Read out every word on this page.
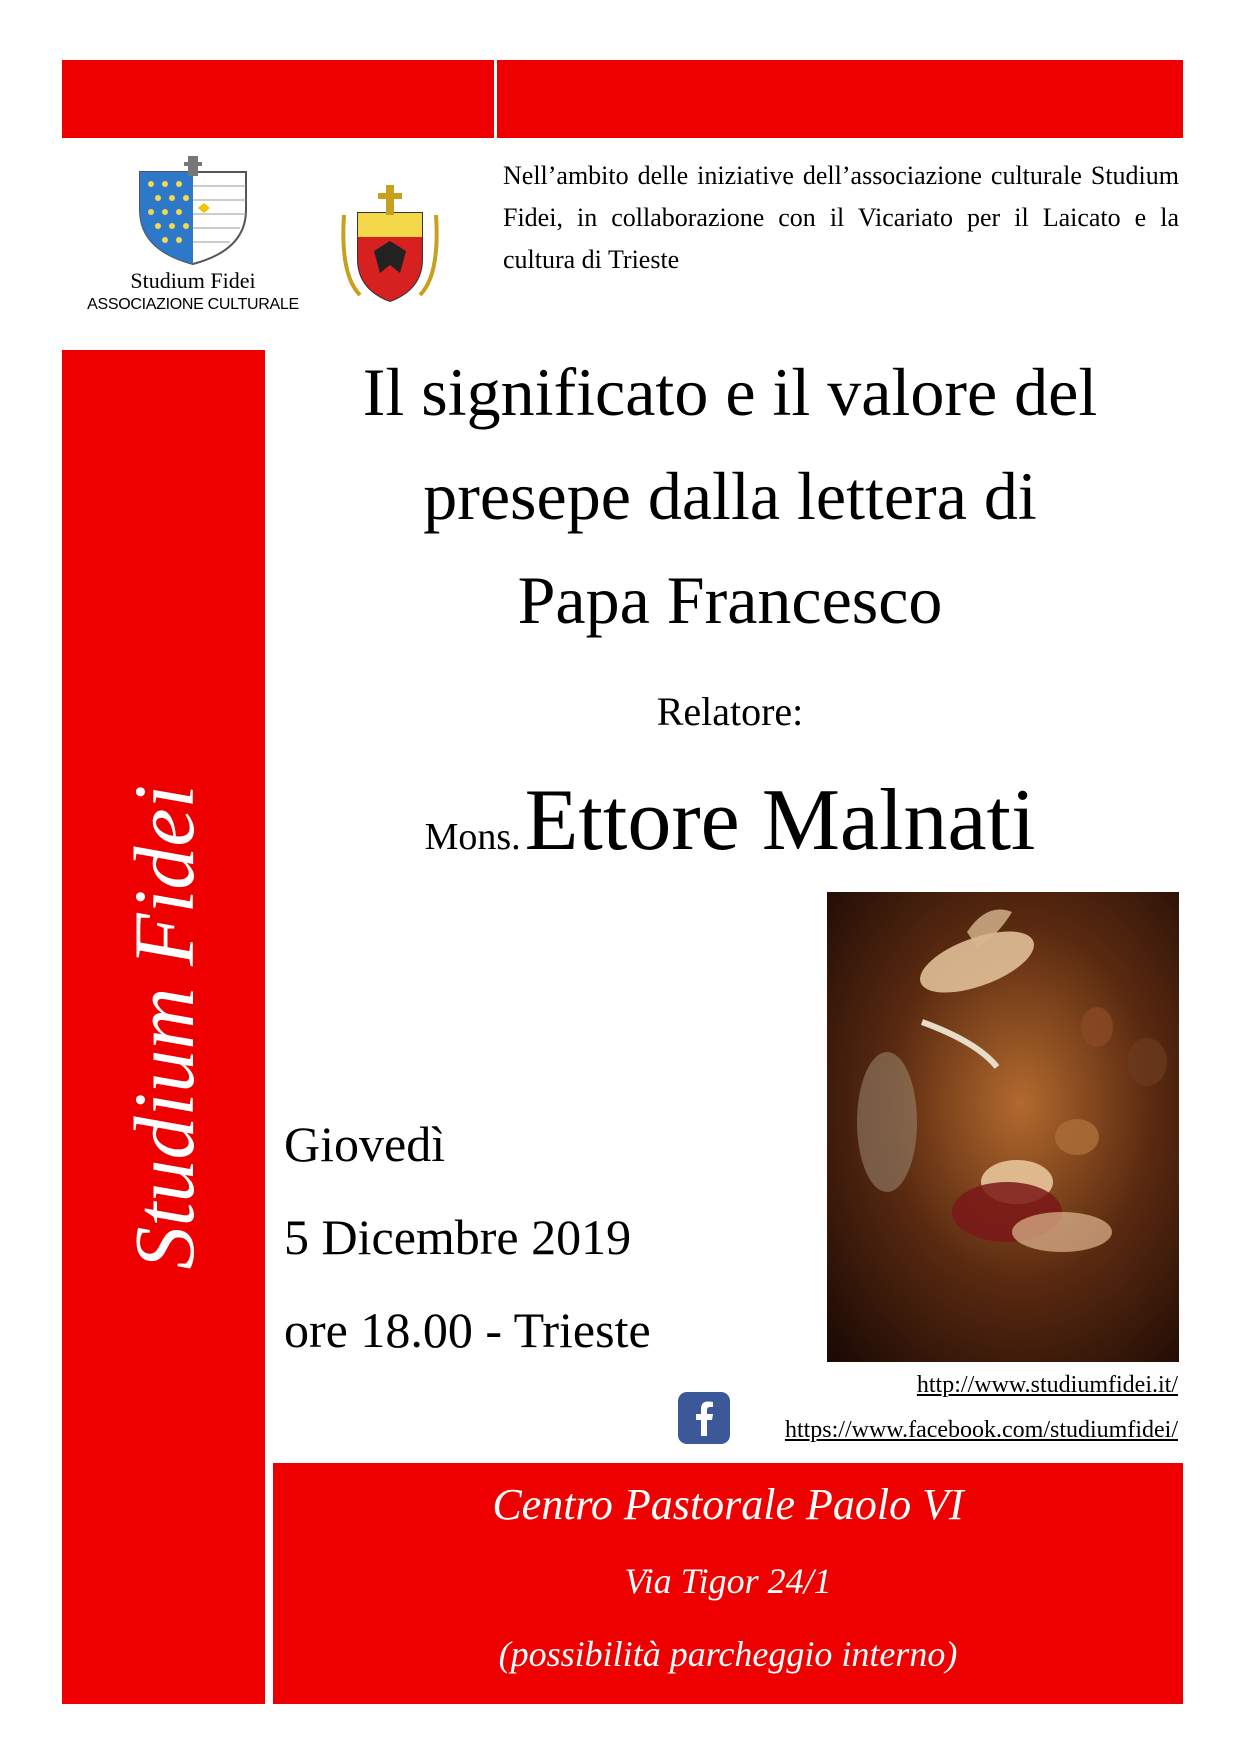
Studium Fidei
ASSOCIAZIONE CULTURALE
Nell’ambito delle iniziative dell’associazione culturale Studium Fidei, in collaborazione con il Vicariato per il Laicato e la cultura di Trieste
Studium Fidei
Il significato e il valore del
presepe dalla lettera di
Papa Francesco
Relatore:
Mons. Ettore Malnati
Giovedì
5 Dicembre 2019
ore 18.00 - Trieste
http://www.studiumfidei.it/
https://www.facebook.com/studiumfidei/
Centro Pastorale Paolo VI
Via Tigor 24/1
(possibilità parcheggio interno)
